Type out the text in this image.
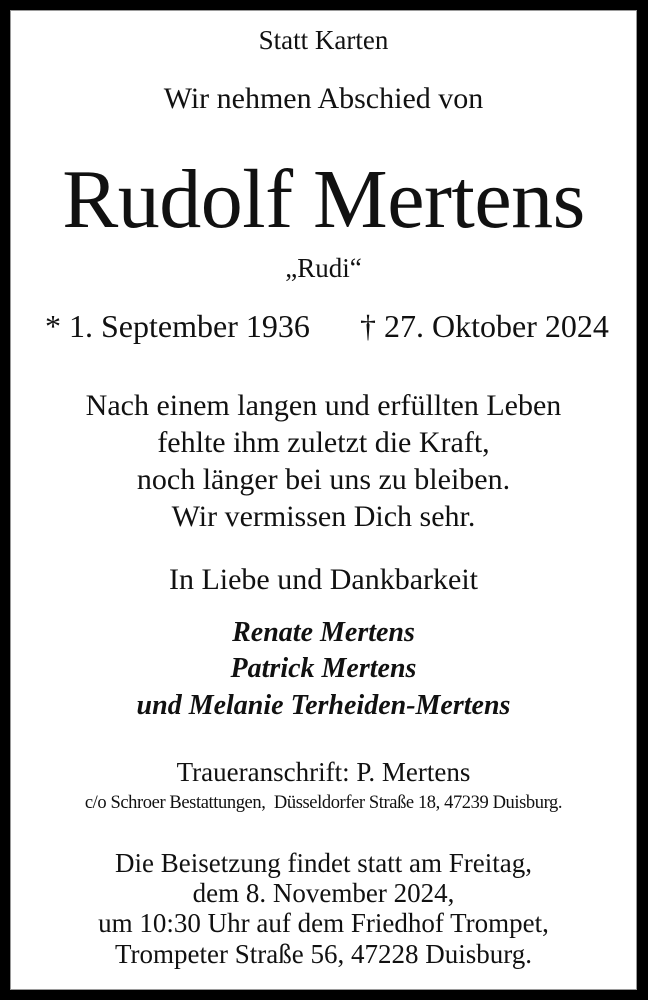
Statt Karten
Wir nehmen Abschied von
Rudolf Mertens
„Rudi“
* 1. September 1936 † 27. Oktober 2024
Nach einem langen und erfüllten Leben
fehlte ihm zuletzt die Kraft,
noch länger bei uns zu bleiben.
Wir vermissen Dich sehr.
In Liebe und Dankbarkeit
Renate Mertens
Patrick Mertens
und Melanie Terheiden-Mertens
Traueranschrift: P. Mertens
c/o Schroer Bestattungen,  Düsseldorfer Straße 18, 47239 Duisburg.
Die Beisetzung findet statt am Freitag,
dem 8. November 2024,
um 10:30 Uhr auf dem Friedhof Trompet,
Trompeter Straße 56, 47228 Duisburg.
